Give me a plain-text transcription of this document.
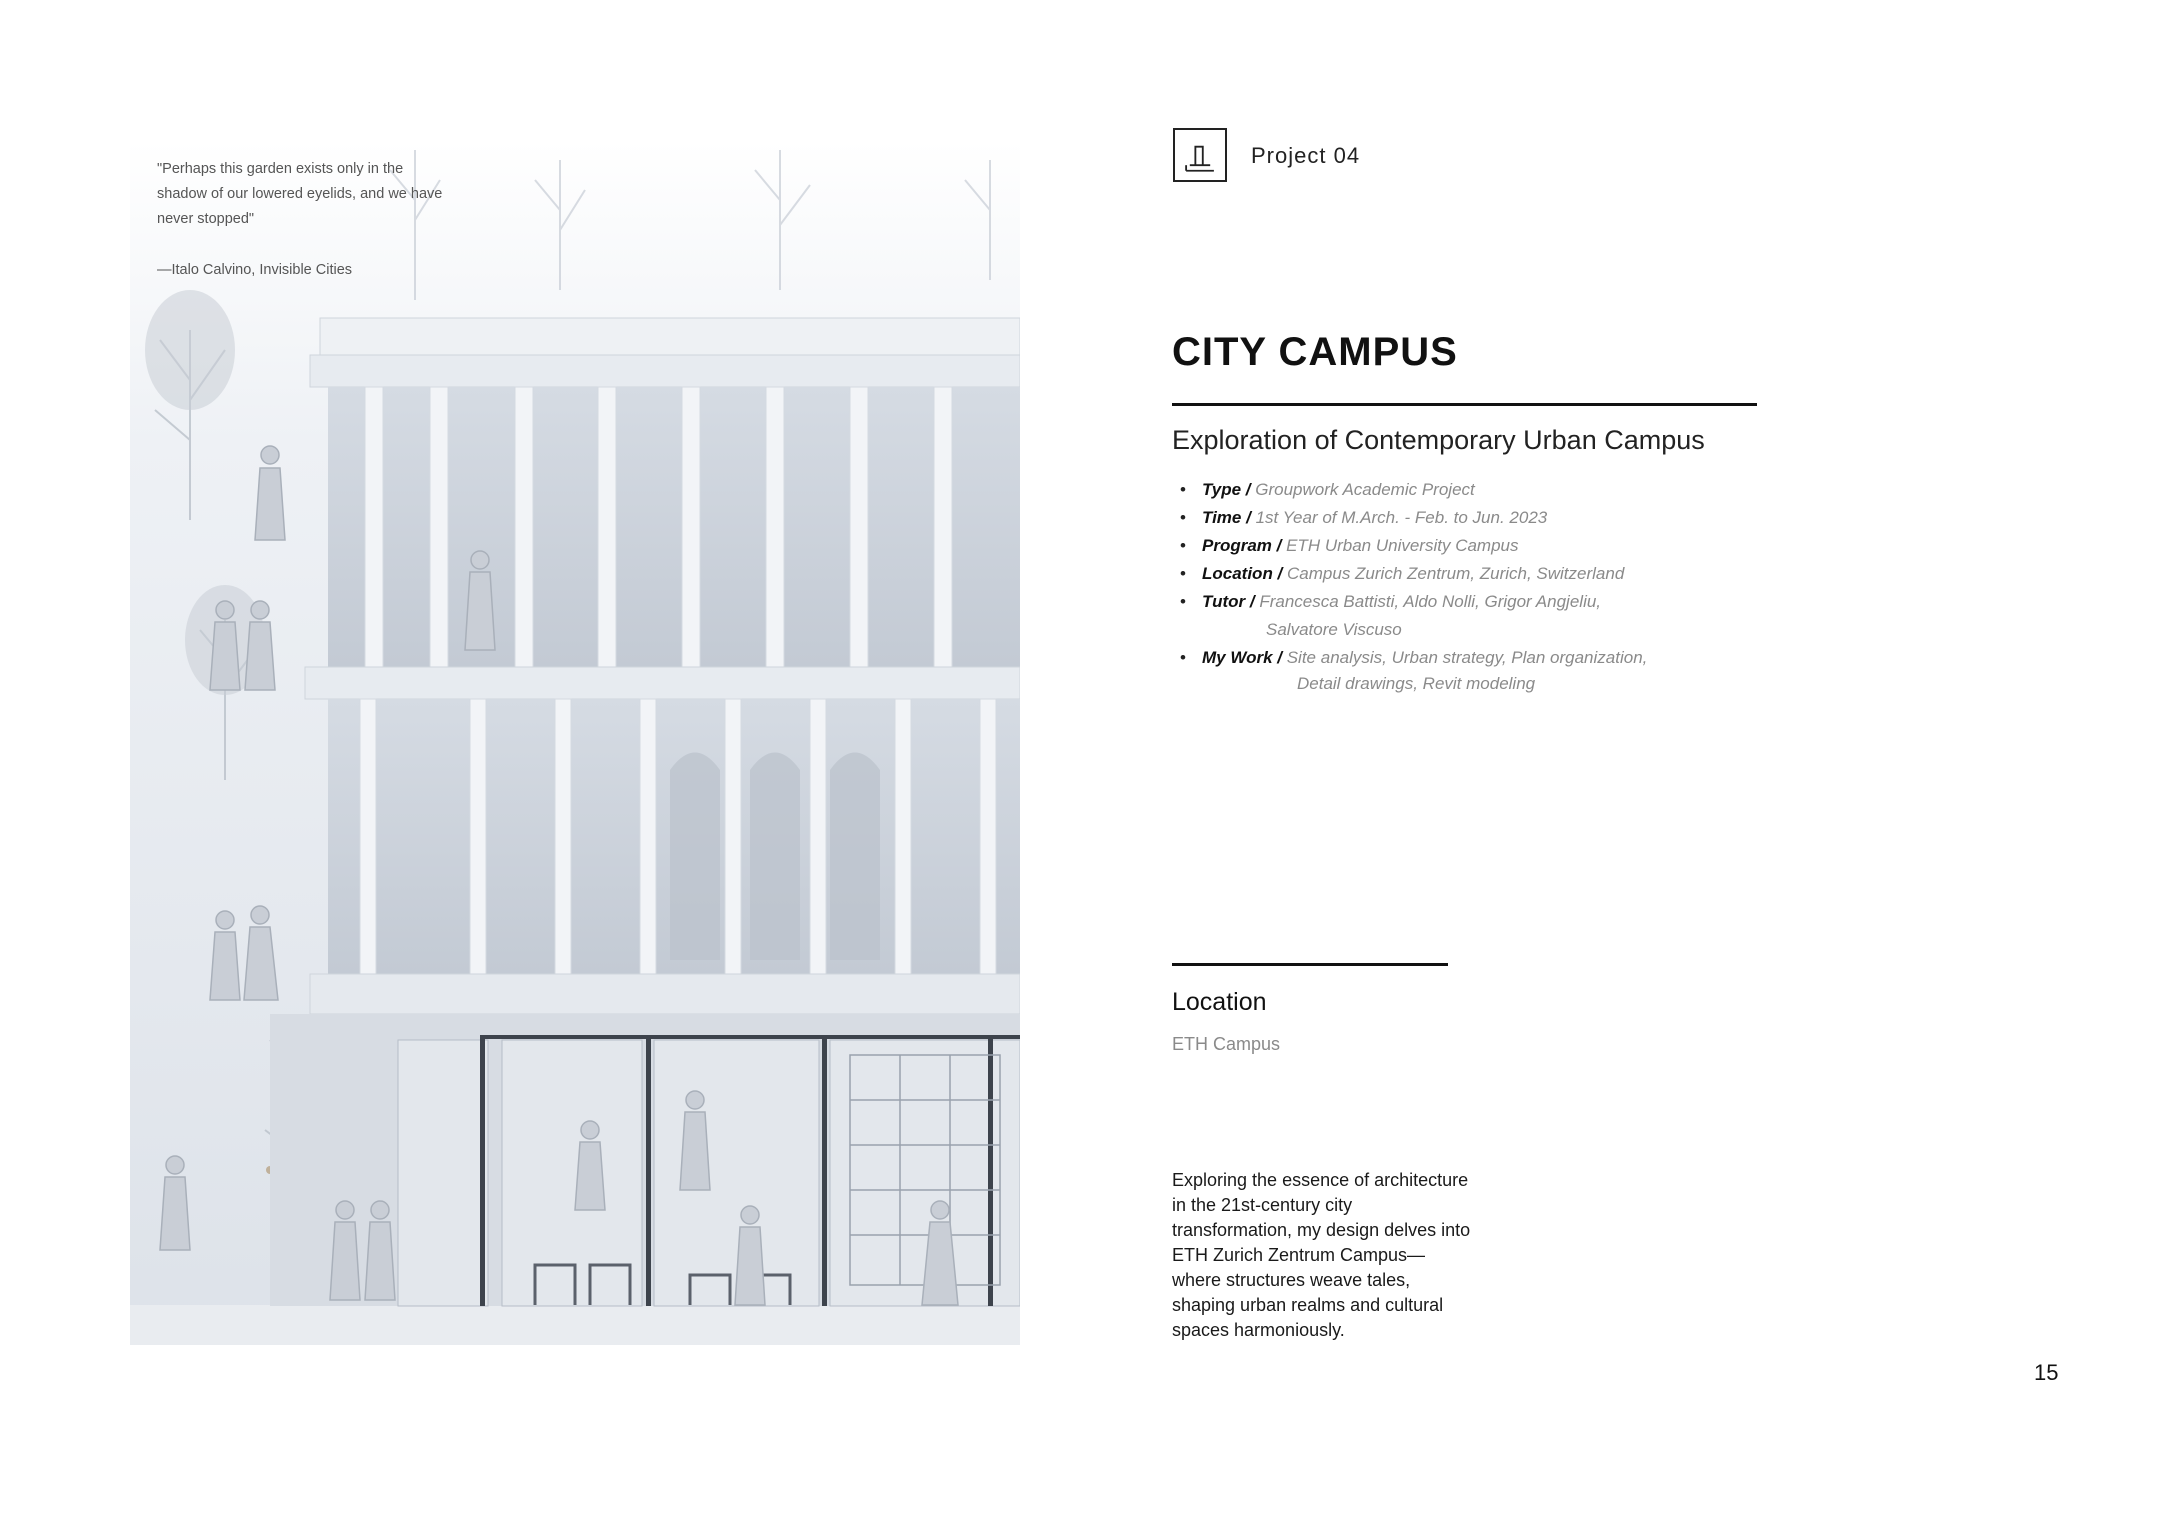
"Perhaps this garden exists only in the shadow of our lowered eyelids, and we have never stopped"
—Italo Calvino, Invisible Cities
Project 04
CITY CAMPUS
Exploration of Contemporary Urban Campus
• Type / Groupwork Academic Project
• Time / 1st Year of M.Arch. - Feb. to Jun. 2023
• Program / ETH Urban University Campus
• Location / Campus Zurich Zentrum, Zurich, Switzerland
• Tutor / Francesca Battisti, Aldo Nolli, Grigor Angjeliu,
Salvatore Viscuso
• My Work / Site analysis, Urban strategy, Plan organization,
Detail drawings, Revit modeling
Location
ETH Campus
Exploring the essence of architecture in the 21st-century city transformation, my design delves into ETH Zurich Zentrum Campus—where structures weave tales, shaping urban realms and cultural spaces harmoniously.
15
